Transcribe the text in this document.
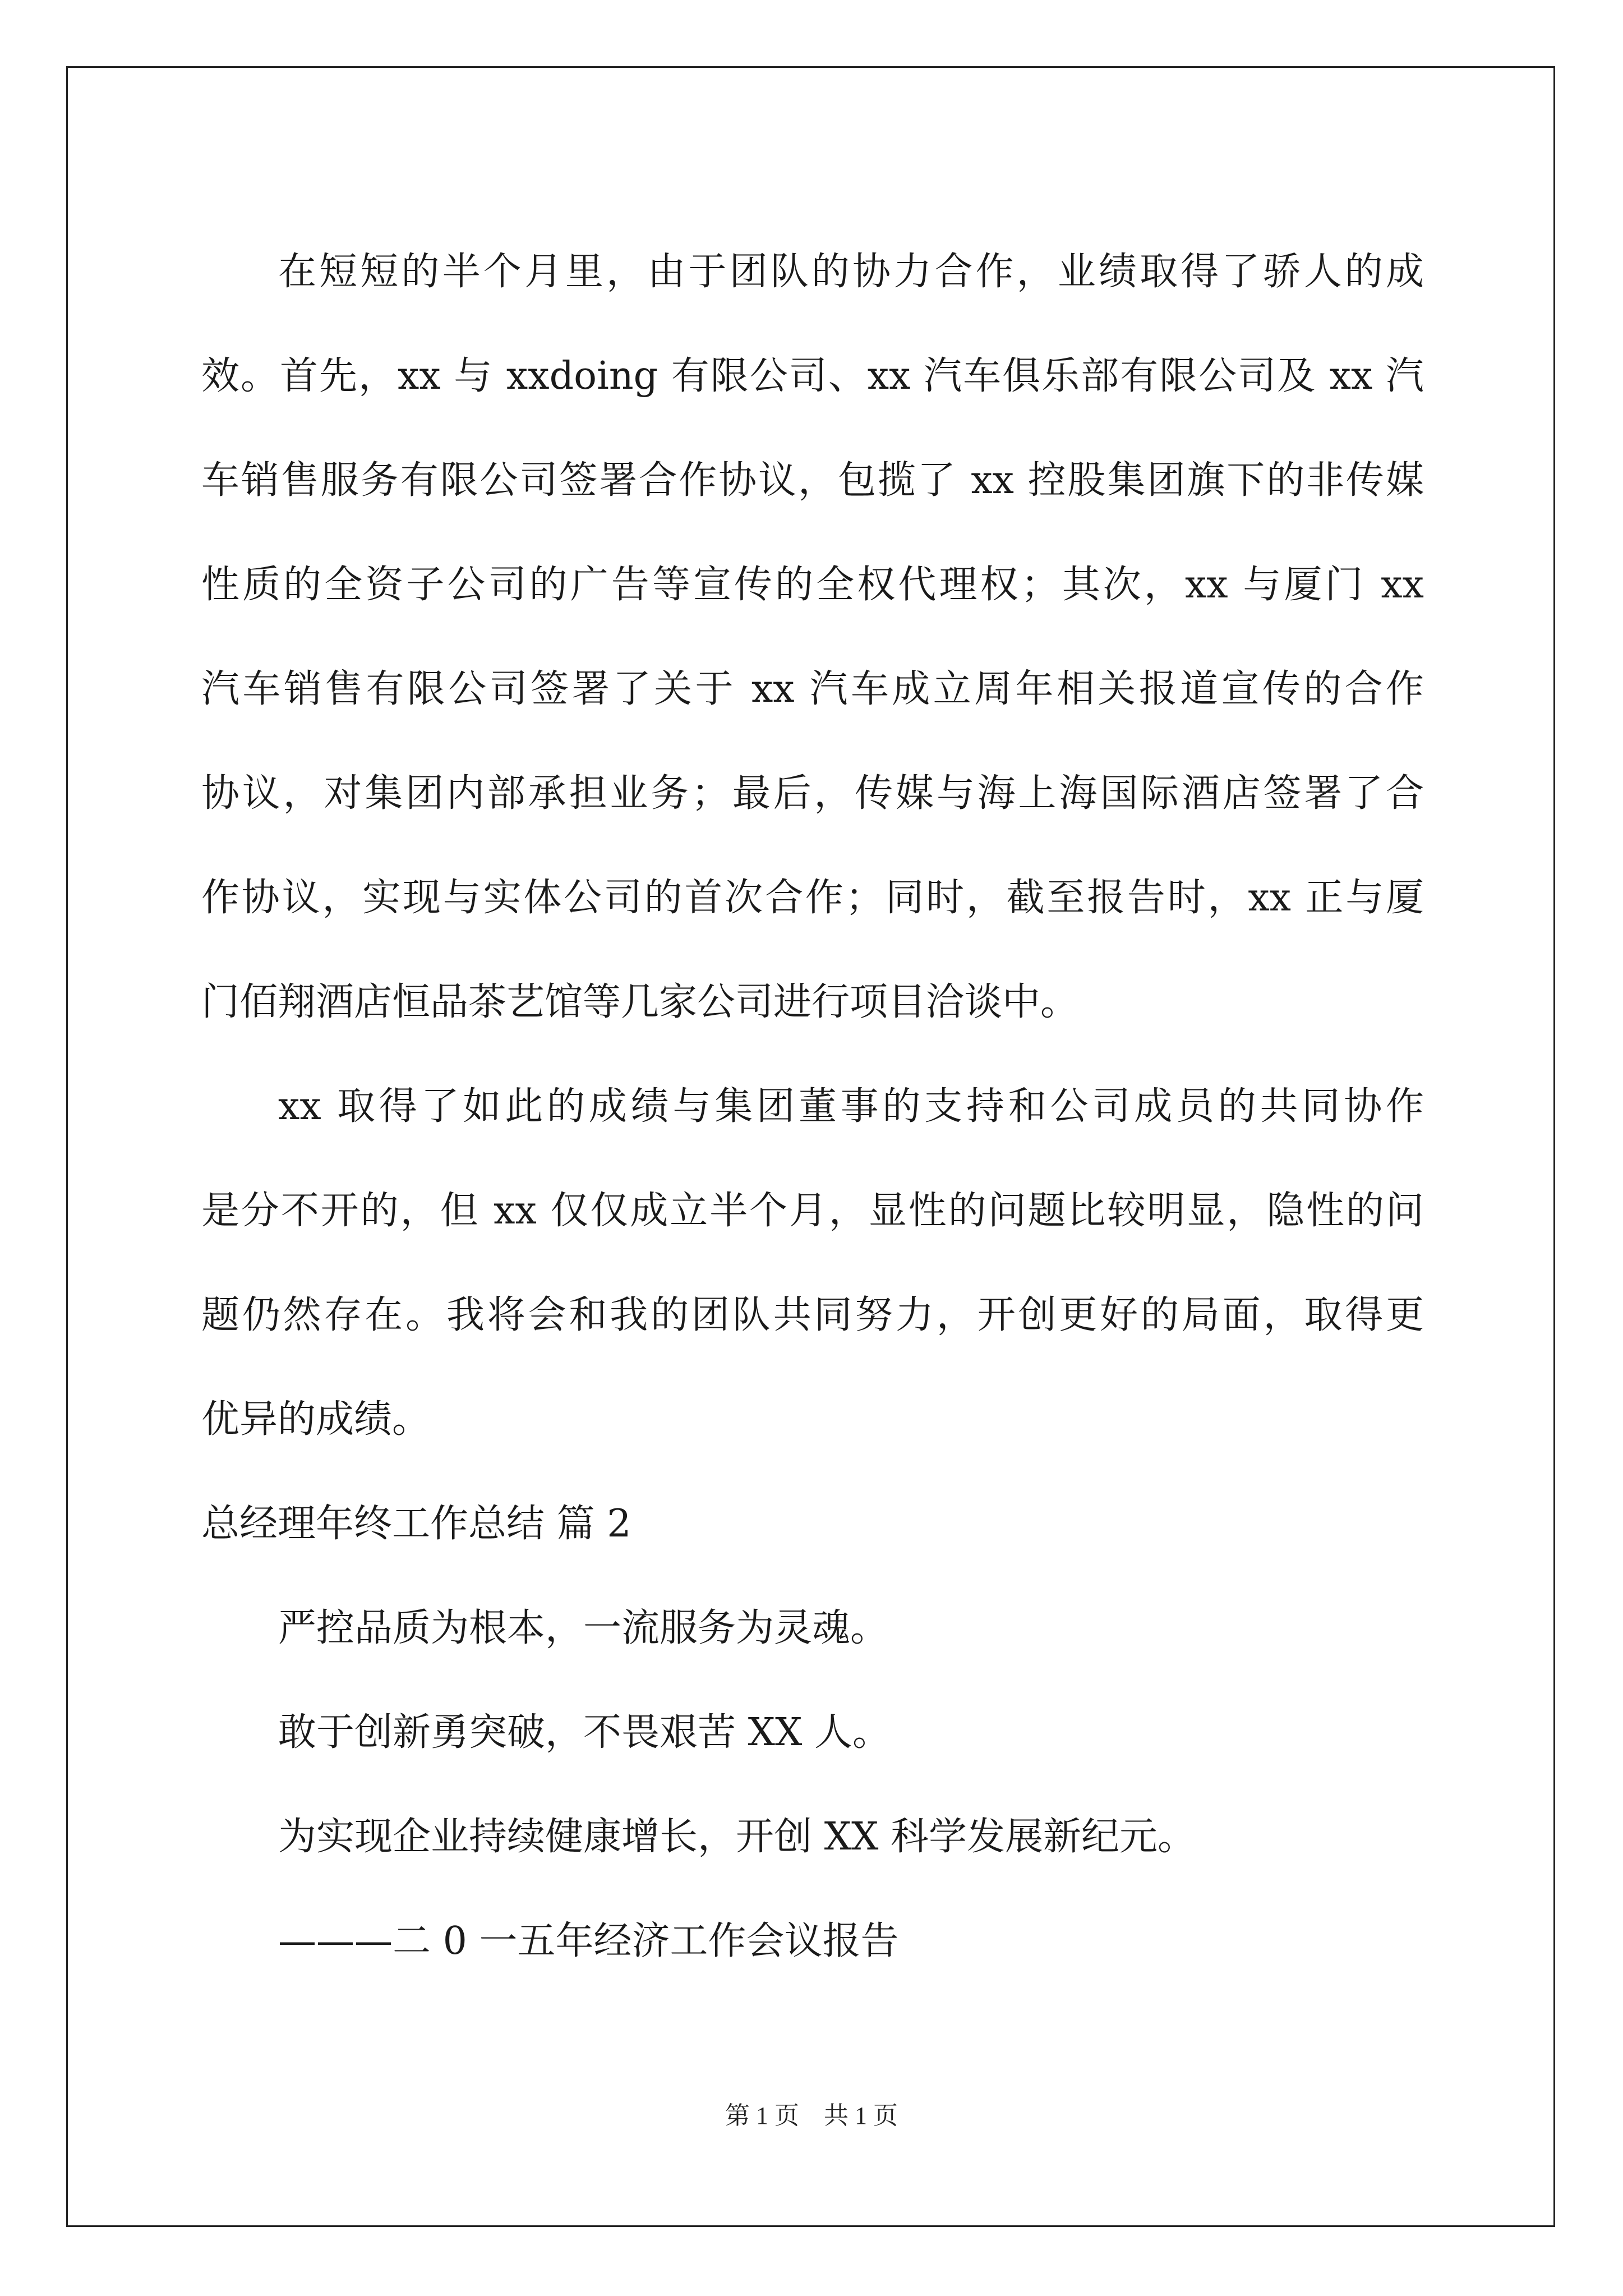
在短短的半个月里，由于团队的协力合作，业绩取得了骄人的成
效。首先，xx 与 xxdoing 有限公司、xx 汽车俱乐部有限公司及 xx 汽
车销售服务有限公司签署合作协议，包揽了 xx 控股集团旗下的非传媒
性质的全资子公司的广告等宣传的全权代理权；其次，xx 与厦门 xx
汽车销售有限公司签署了关于 xx 汽车成立周年相关报道宣传的合作
协议，对集团内部承担业务；最后，传媒与海上海国际酒店签署了合
作协议，实现与实体公司的首次合作；同时，截至报告时，xx 正与厦
门佰翔酒店恒品茶艺馆等几家公司进行项目洽谈中。
xx 取得了如此的成绩与集团董事的支持和公司成员的共同协作
是分不开的，但 xx 仅仅成立半个月，显性的问题比较明显，隐性的问
题仍然存在。我将会和我的团队共同努力，开创更好的局面，取得更
优异的成绩。
总经理年终工作总结 篇 2
严控品质为根本，一流服务为灵魂。
敢于创新勇突破，不畏艰苦 XX 人。
为实现企业持续健康增长，开创 XX 科学发展新纪元。
———二 0 一五年经济工作会议报告
第 1 页　共 1 页
